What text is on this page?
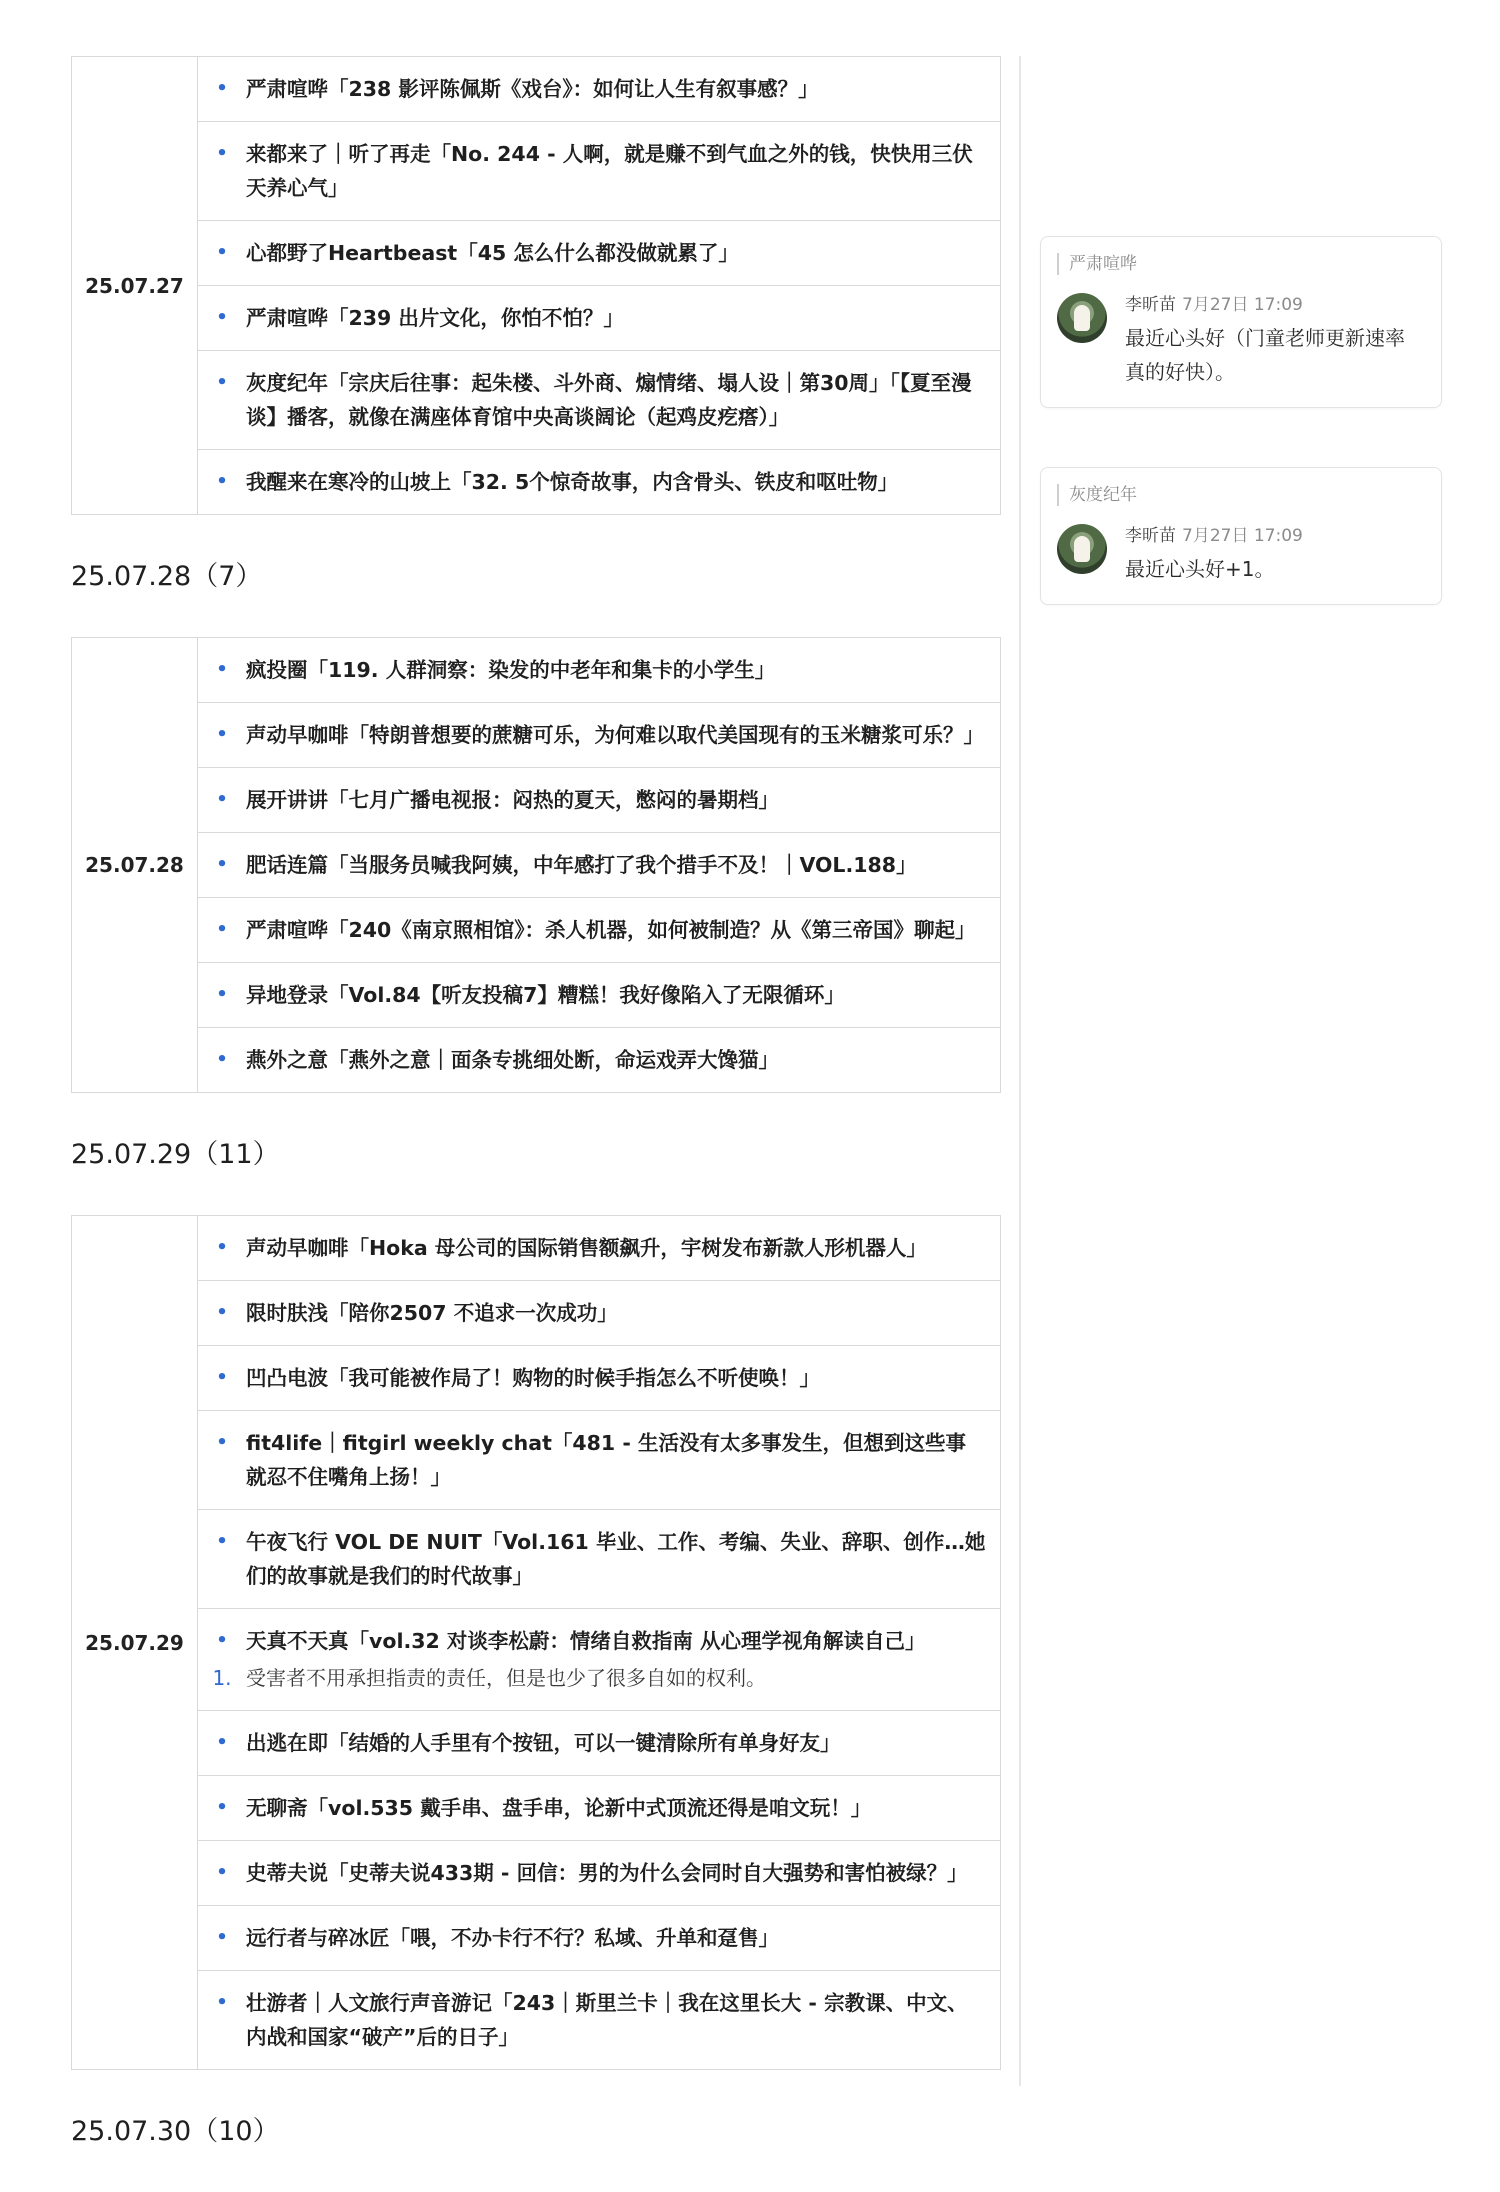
25.07.27
• 严肃喧哗「238 影评陈佩斯《戏台》：如何让人生有叙事感？」
• 来都来了｜听了再走「No. 244 - 人啊，就是赚不到气血之外的钱，快快用三伏天养心气」
• 心都野了Heartbeast「45 怎么什么都没做就累了」
• 严肃喧哗「239 出片文化，你怕不怕？」
• 灰度纪年「宗庆后往事：起朱楼、斗外商、煽情绪、塌人设｜第30周」「【夏至漫谈】播客，就像在满座体育馆中央高谈阔论（起鸡皮疙瘩）」
• 我醒来在寒冷的山坡上「32. 5个惊奇故事，内含骨头、铁皮和呕吐物」
25.07.28（7）
25.07.28
• 疯投圈「119. 人群洞察：染发的中老年和集卡的小学生」
• 声动早咖啡「特朗普想要的蔗糖可乐，为何难以取代美国现有的玉米糖浆可乐？」
• 展开讲讲「七月广播电视报：闷热的夏天，憋闷的暑期档」
• 肥话连篇「当服务员喊我阿姨，中年感打了我个措手不及！｜VOL.188」
• 严肃喧哗「240《南京照相馆》：杀人机器，如何被制造？从《第三帝国》聊起」
• 异地登录「Vol.84【听友投稿7】糟糕！我好像陷入了无限循环」
• 燕外之意「燕外之意｜面条专挑细处断，命运戏弄大馋猫」
25.07.29（11）
25.07.29
• 声动早咖啡「Hoka 母公司的国际销售额飙升，宇树发布新款人形机器人」
• 限时肤浅「陪你2507 不追求一次成功」
• 凹凸电波「我可能被作局了！购物的时候手指怎么不听使唤！」
• fit4life｜fitgirl weekly chat「481 - 生活没有太多事发生，但想到这些事就忍不住嘴角上扬！」
• 午夜飞行 VOL DE NUIT「Vol.161 毕业、工作、考编、失业、辞职、创作…她们的故事就是我们的时代故事」
• 天真不天真「vol.32 对谈李松蔚：情绪自救指南 从心理学视角解读自己」
1. 受害者不用承担指责的责任，但是也少了很多自如的权利。
• 出逃在即「结婚的人手里有个按钮，可以一键清除所有单身好友」
• 无聊斋「vol.535 戴手串、盘手串，论新中式顶流还得是咱文玩！」
• 史蒂夫说「史蒂夫说433期 - 回信：男的为什么会同时自大强势和害怕被绿？」
• 远行者与碎冰匠「喂，不办卡行不行？私域、升单和趸售」
• 壮游者｜人文旅行声音游记「243｜斯里兰卡｜我在这里长大 - 宗教课、中文、内战和国家“破产”后的日子」
25.07.30（10）
严肃喧哗
李昕苗 7月27日 17:09
最近心头好（门童老师更新速率真的好快）。
灰度纪年
李昕苗 7月27日 17:09
最近心头好+1。
